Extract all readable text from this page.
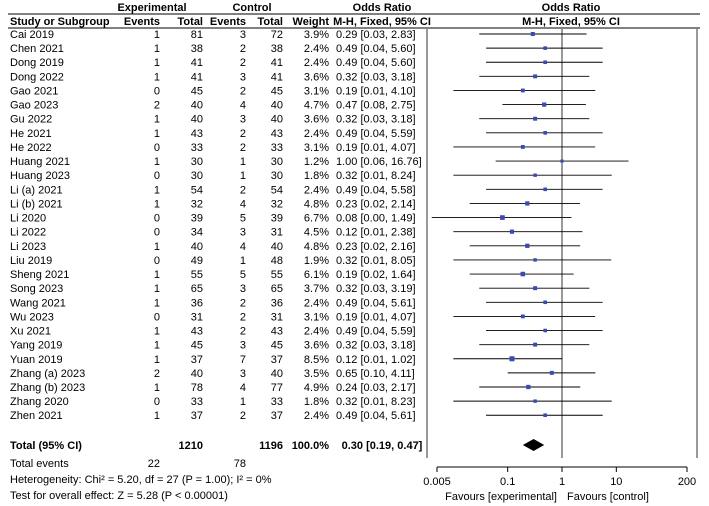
Experimental	Control	Odds Ratio	Odds Ratio
Study or Subgroup Events Total Events Total Weight M-H, Fixed, 95% CI	M-H, Fixed, 95% CI
Cai 2019	1	81	3 72 3.9% 0.29 [0.03, 2.83]
Chen 2021	1	38	2 38 2.4% 0.49 [0.04, 5.60]
Dong 2019	1	41	2 41 2.4% 0.49 [0.04, 5.60]
Dong 2022	1	41	3 41 3.6% 0.32 [0.03, 3.18]
Gao 2021	0	45	2 45 3.1% 0.19 [0.01, 4.10]
Gao 2023	2	40	4 40 4.7% 0.47 [0.08, 2.75]
Gu 2022	1	40	3 40 3.6% 0.32 [0.03, 3.18]
He 2021	1	43	2 43 2.4% 0.49 [0.04, 5.59]
He 2022	0	33	2 33 3.1% 0.19 [0.01, 4.07]
Huang 2021	1	30	1 30 1.2% 1.00 [0.06, 16.76]
Huang 2023	0	30	1 30 1.8% 0.32 [0.01, 8.24]
Li (a) 2021	1	54	2 54 2.4% 0.49 [0.04, 5.58]
Li (b) 2021	1	32	4 32 4.8% 0.23 [0.02, 2.14]
Li 2020	0	39	5 39 6.7% 0.08 [0.00, 1.49]
Li 2022	0	34	3 31 4.5% 0.12 [0.01, 2.38]
Li 2023	1	40	4 40 4.8% 0.23 [0.02, 2.16]
Liu 2019	0	49	1 48 1.9% 0.32 [0.01, 8.05]
Sheng 2021	1	55	5 55 6.1% 0.19 [0.02, 1.64]
Song 2023	1	65	3 65 3.7% 0.32 [0.03, 3.19]
Wang 2021	1	36	2 36 2.4% 0.49 [0.04, 5.61]
Wu 2023	0	31	2 31 3.1% 0.19 [0.01, 4.07]
Xu 2021	1	43	2 43 2.4% 0.49 [0.04, 5.59]
Yang 2019	1	45	3 45 3.6% 0.32 [0.03, 3.18]
Yuan 2019	1	37	7 37 8.5% 0.12 [0.01, 1.02]
Zhang (a) 2023	2	40	3 40 3.5% 0.65 [0.10, 4.11]
Zhang (b) 2023	1	78	4 77 4.9% 0.24 [0.03, 2.17]
Zhang 2020	0	33	1 33 1.8% 0.32 [0.01, 8.23]
Zhen 2021	1	37	2 37 2.4% 0.49 [0.04, 5.61]
Total (95% CI)	1210	1196 100.0% 0.30 [0.19, 0.47]
Total events	22	78
Heterogeneity: Chi² = 5.20, df = 27 (P = 1.00); I² = 0%
Test for overall effect: Z = 5.28 (P < 0.00001)
0.005	0.1	1	10	200
Favours [experimental] Favours [control]
